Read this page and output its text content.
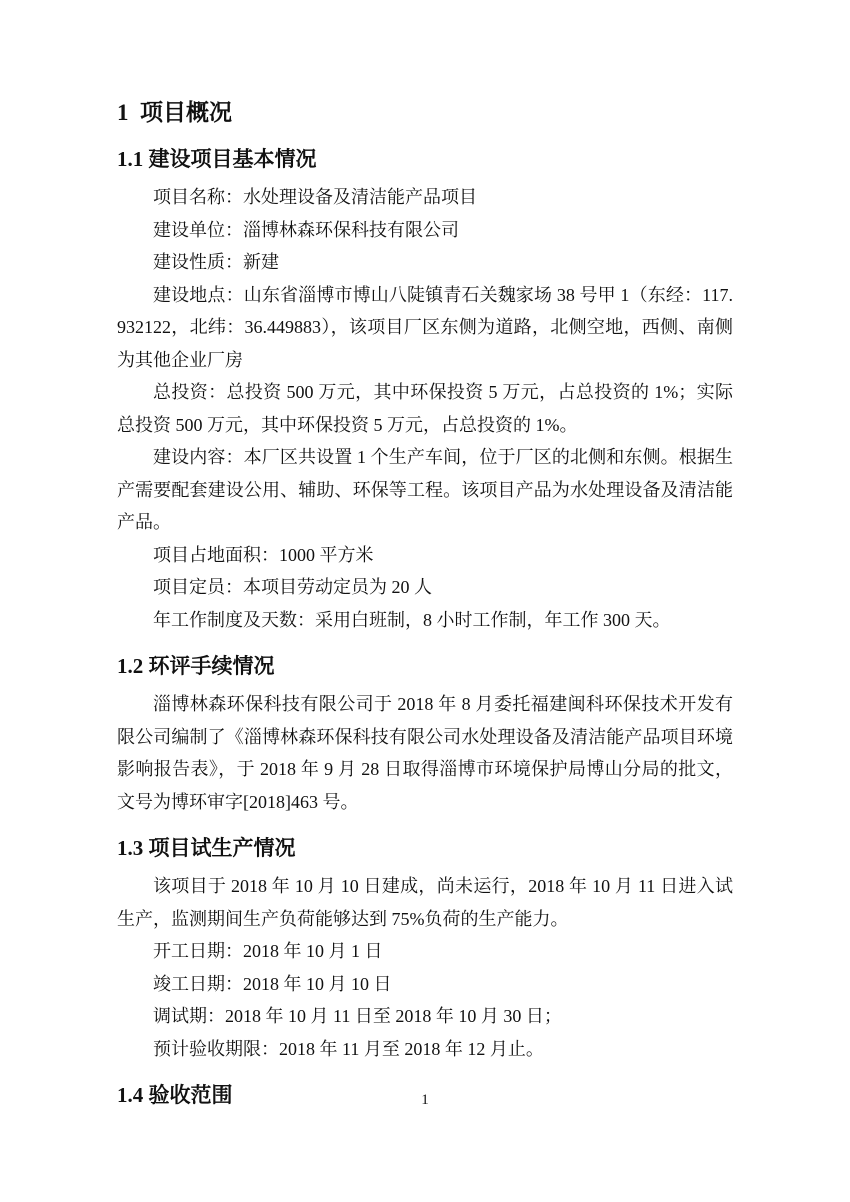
1  项目概况
1.1 建设项目基本情况

项目名称：水处理设备及清洁能产品项目

建设单位：淄博林森环保科技有限公司

建设性质：新建

建设地点：山东省淄博市博山八陡镇青石关魏家场 38 号甲 1（东经：117.932122，北纬：36.449883），该项目厂区东侧为道路，北侧空地，西侧、南侧为其他企业厂房

总投资：总投资 500 万元，其中环保投资 5 万元，占总投资的 1%；实际总投资 500 万元，其中环保投资 5 万元，占总投资的 1%。

建设内容：本厂区共设置 1 个生产车间，位于厂区的北侧和东侧。根据生产需要配套建设公用、辅助、环保等工程。该项目产品为水处理设备及清洁能产品。

项目占地面积：1000 平方米

项目定员：本项目劳动定员为 20 人

年工作制度及天数：采用白班制，8 小时工作制，年工作 300 天。

1.2 环评手续情况

淄博林森环保科技有限公司于 2018 年 8 月委托福建闽科环保技术开发有限公司编制了《淄博林森环保科技有限公司水处理设备及清洁能产品项目环境影响报告表》，于 2018 年 9 月 28 日取得淄博市环境保护局博山分局的批文，文号为博环审字[2018]463 号。

1.3 项目试生产情况

该项目于 2018 年 10 月 10 日建成，尚未运行，2018 年 10 月 11 日进入试生产，监测期间生产负荷能够达到 75%负荷的生产能力。

开工日期：2018 年 10 月 1 日

竣工日期：2018 年 10 月 10 日

调试期：2018 年 10 月 11 日至 2018 年 10 月 30 日；

预计验收期限：2018 年 11 月至 2018 年 12 月止。

1.4 验收范围	1
